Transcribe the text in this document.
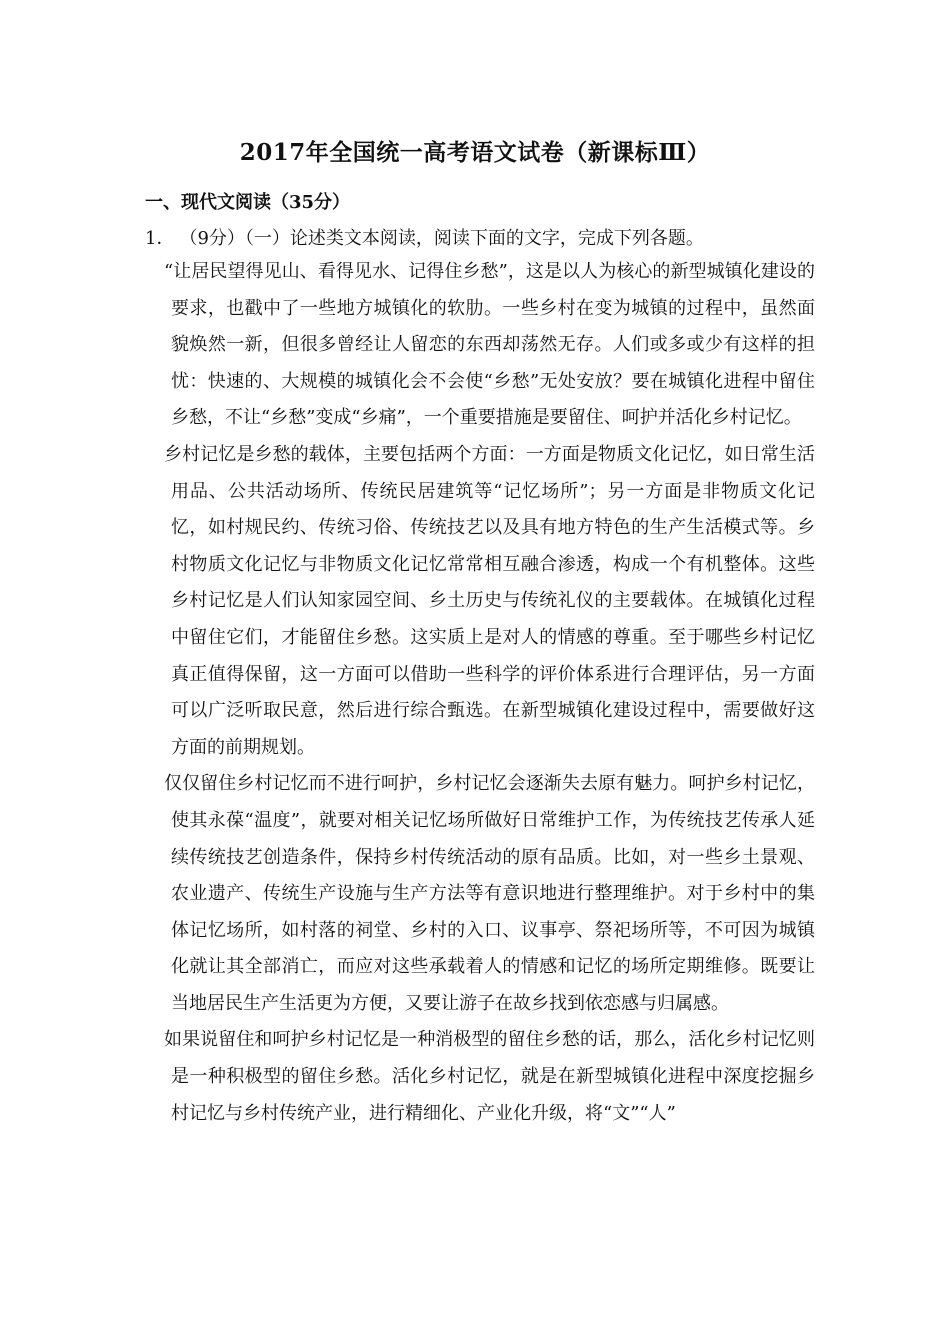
2017年全国统一高考语文试卷（新课标Ⅲ）
一、现代文阅读（35分）
1． （9分）（一）论述类文本阅读，阅读下面的文字，完成下列各题。

“让居民望得见山、看得见水、记得住乡愁”，这是以人为核心的新型城镇化建设的要求，也戳中了一些地方城镇化的软肋。一些乡村在变为城镇的过程中，虽然面貌焕然一新，但很多曾经让人留恋的东西却荡然无存。人们或多或少有这样的担忧：快速的、大规模的城镇化会不会使“乡愁”无处安放？要在城镇化进程中留住乡愁，不让“乡愁”变成“乡痛”，一个重要措施是要留住、呵护并活化乡村记忆。

乡村记忆是乡愁的载体，主要包括两个方面：一方面是物质文化记忆，如日常生活用品、公共活动场所、传统民居建筑等“记忆场所”；另一方面是非物质文化记忆，如村规民约、传统习俗、传统技艺以及具有地方特色的生产生活模式等。乡村物质文化记忆与非物质文化记忆常常相互融合渗透，构成一个有机整体。这些乡村记忆是人们认知家园空间、乡土历史与传统礼仪的主要载体。在城镇化过程中留住它们，才能留住乡愁。这实质上是对人的情感的尊重。至于哪些乡村记忆真正值得保留，这一方面可以借助一些科学的评价体系进行合理评估，另一方面可以广泛听取民意，然后进行综合甄选。在新型城镇化建设过程中，需要做好这方面的前期规划。

仅仅留住乡村记忆而不进行呵护，乡村记忆会逐渐失去原有魅力。呵护乡村记忆，使其永葆“温度”，就要对相关记忆场所做好日常维护工作，为传统技艺传承人延续传统技艺创造条件，保持乡村传统活动的原有品质。比如，对一些乡土景观、农业遗产、传统生产设施与生产方法等有意识地进行整理维护。对于乡村中的集体记忆场所，如村落的祠堂、乡村的入口、议事亭、祭祀场所等，不可因为城镇化就让其全部消亡，而应对这些承载着人的情感和记忆的场所定期维修。既要让当地居民生产生活更为方便，又要让游子在故乡找到依恋感与归属感。

如果说留住和呵护乡村记忆是一种消极型的留住乡愁的话，那么，活化乡村记忆则是一种积极型的留住乡愁。活化乡村记忆，就是在新型城镇化进程中深度挖掘乡村记忆与乡村传统产业，进行精细化、产业化升级，将“文”“人”
